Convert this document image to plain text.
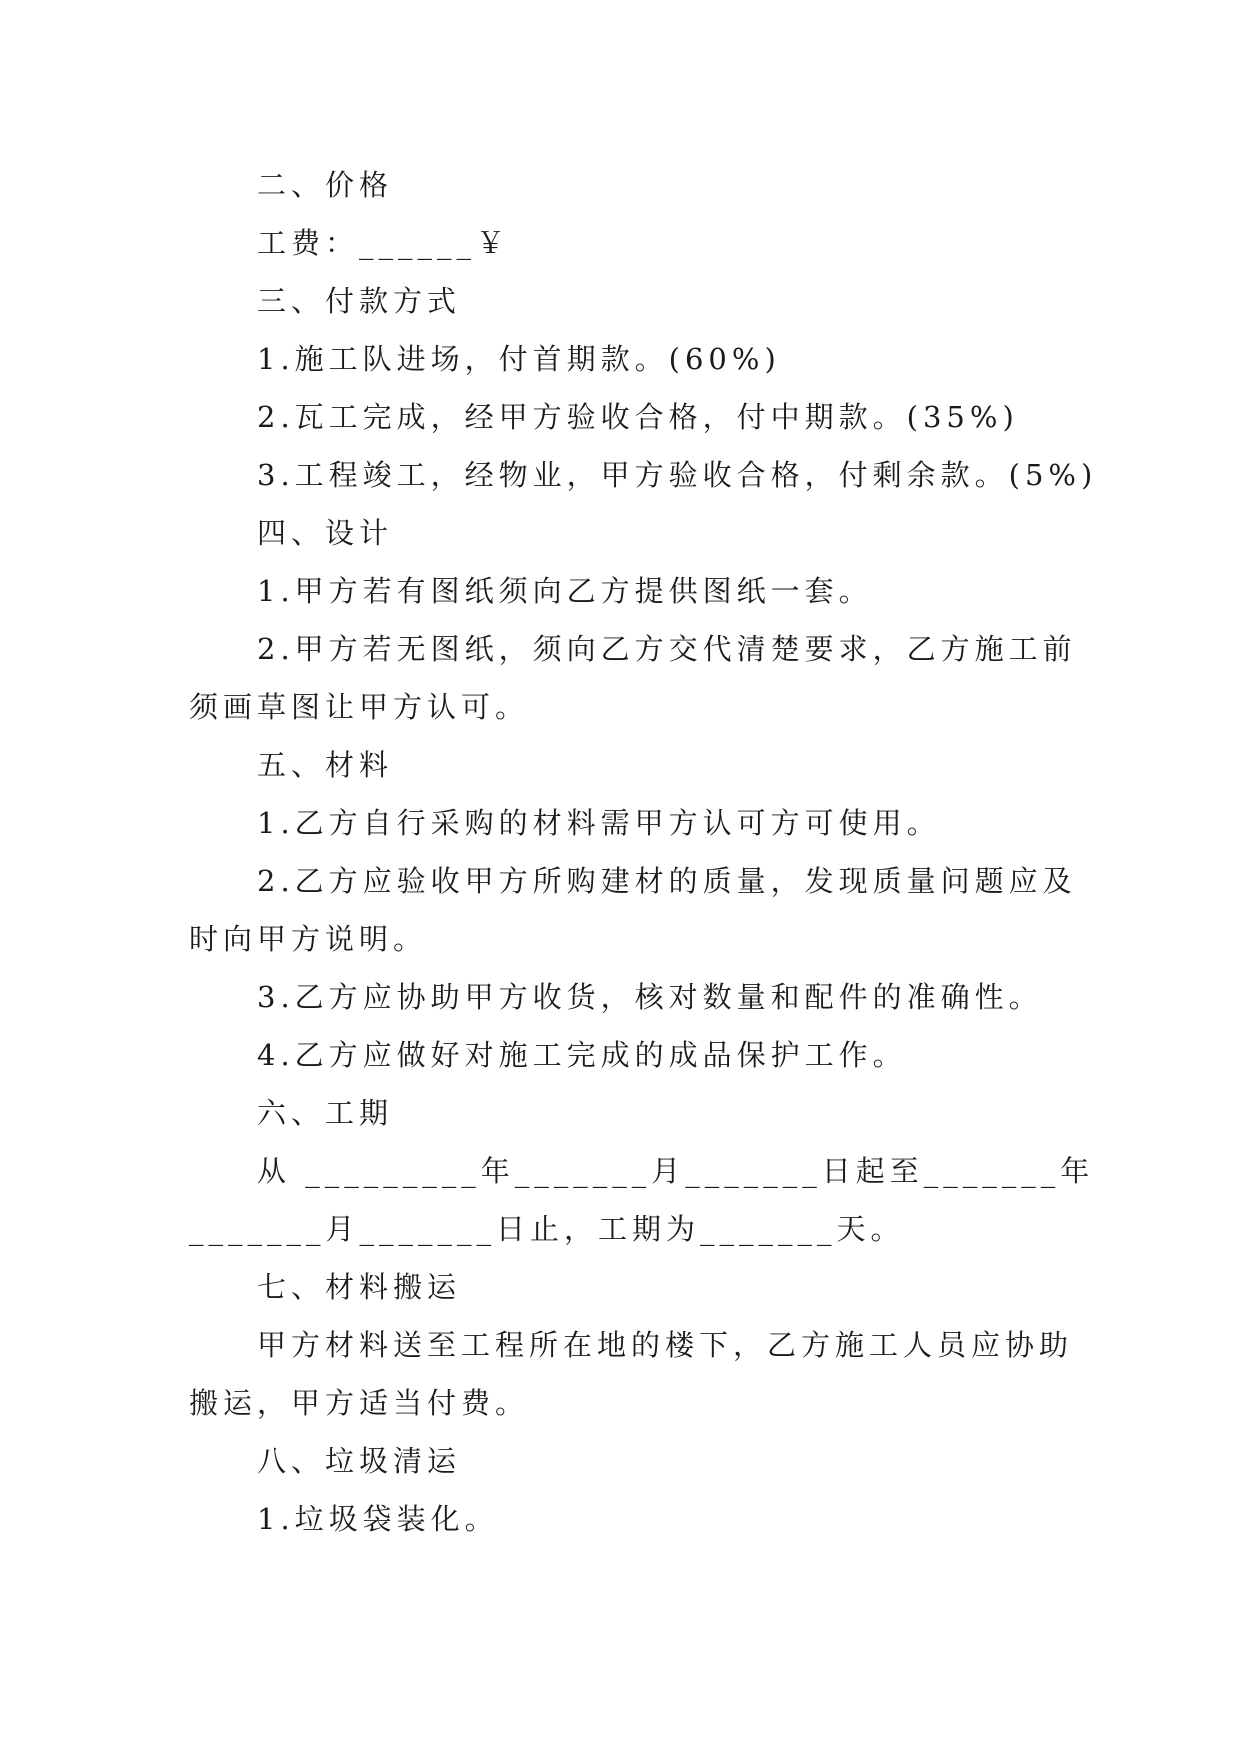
二、价格
工费：______￥
三、付款方式
1.施工队进场，付首期款。(60%)
2.瓦工完成，经甲方验收合格，付中期款。(35%)
3.工程竣工，经物业，甲方验收合格，付剩余款。(5%)
四、设计
1.甲方若有图纸须向乙方提供图纸一套。
2.甲方若无图纸，须向乙方交代清楚要求，乙方施工前
须画草图让甲方认可。
五、材料
1.乙方自行采购的材料需甲方认可方可使用。
2.乙方应验收甲方所购建材的质量，发现质量问题应及
时向甲方说明。
3.乙方应协助甲方收货，核对数量和配件的准确性。
4.乙方应做好对施工完成的成品保护工作。
六、工期
从 _________年_______月_______日起至_______年
_______月_______日止，工期为_______天。
七、材料搬运
甲方材料送至工程所在地的楼下，乙方施工人员应协助
搬运，甲方适当付费。
八、垃圾清运
1.垃圾袋装化。
